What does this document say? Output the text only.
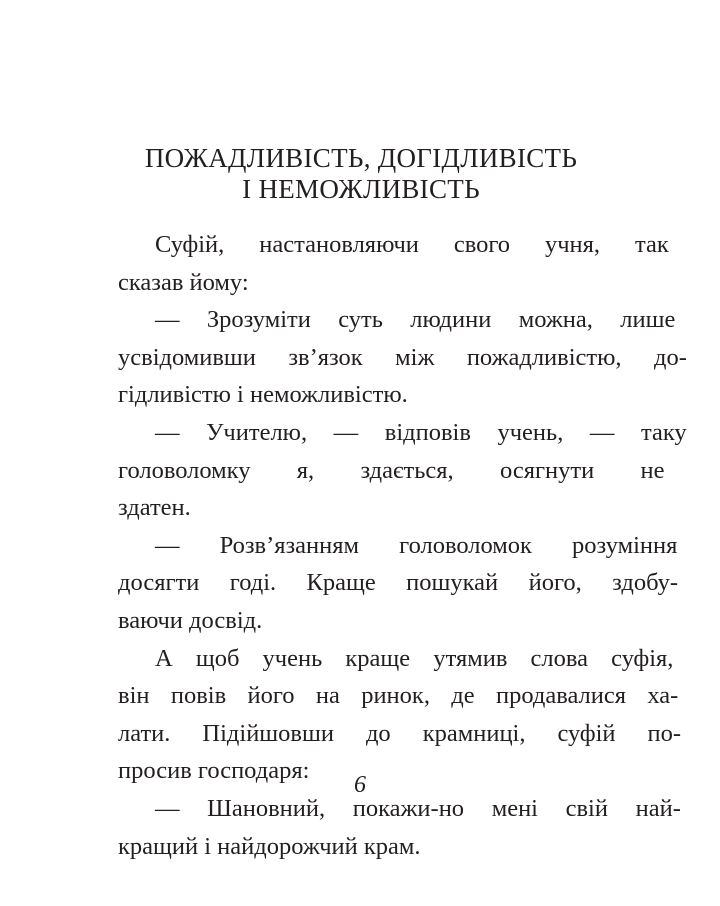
ПОЖАДЛИВІСТЬ, ДОГІДЛИВІСТЬ
І НЕМОЖЛИВІСТЬ
Суфій, настановляючи свого учня, так
сказав йому:
— Зрозуміти суть людини можна, лише
усвідомивши зв’язок між пожадливістю, до-
гідливістю і неможливістю.
— Учителю, — відповів учень, — таку
головоломку я, здається, осягнути не
здатен.
— Розв’язанням головоломок розуміння
досягти годі. Краще пошукай його, здобу-
ваючи досвід.
А щоб учень краще утямив слова суфія,
він повів його на ринок, де продавалися ха-
лати. Підійшовши до крамниці, суфій по-
просив господаря:
— Шановний, покажи-но мені свій най-
кращий і найдорожчий крам.

6
